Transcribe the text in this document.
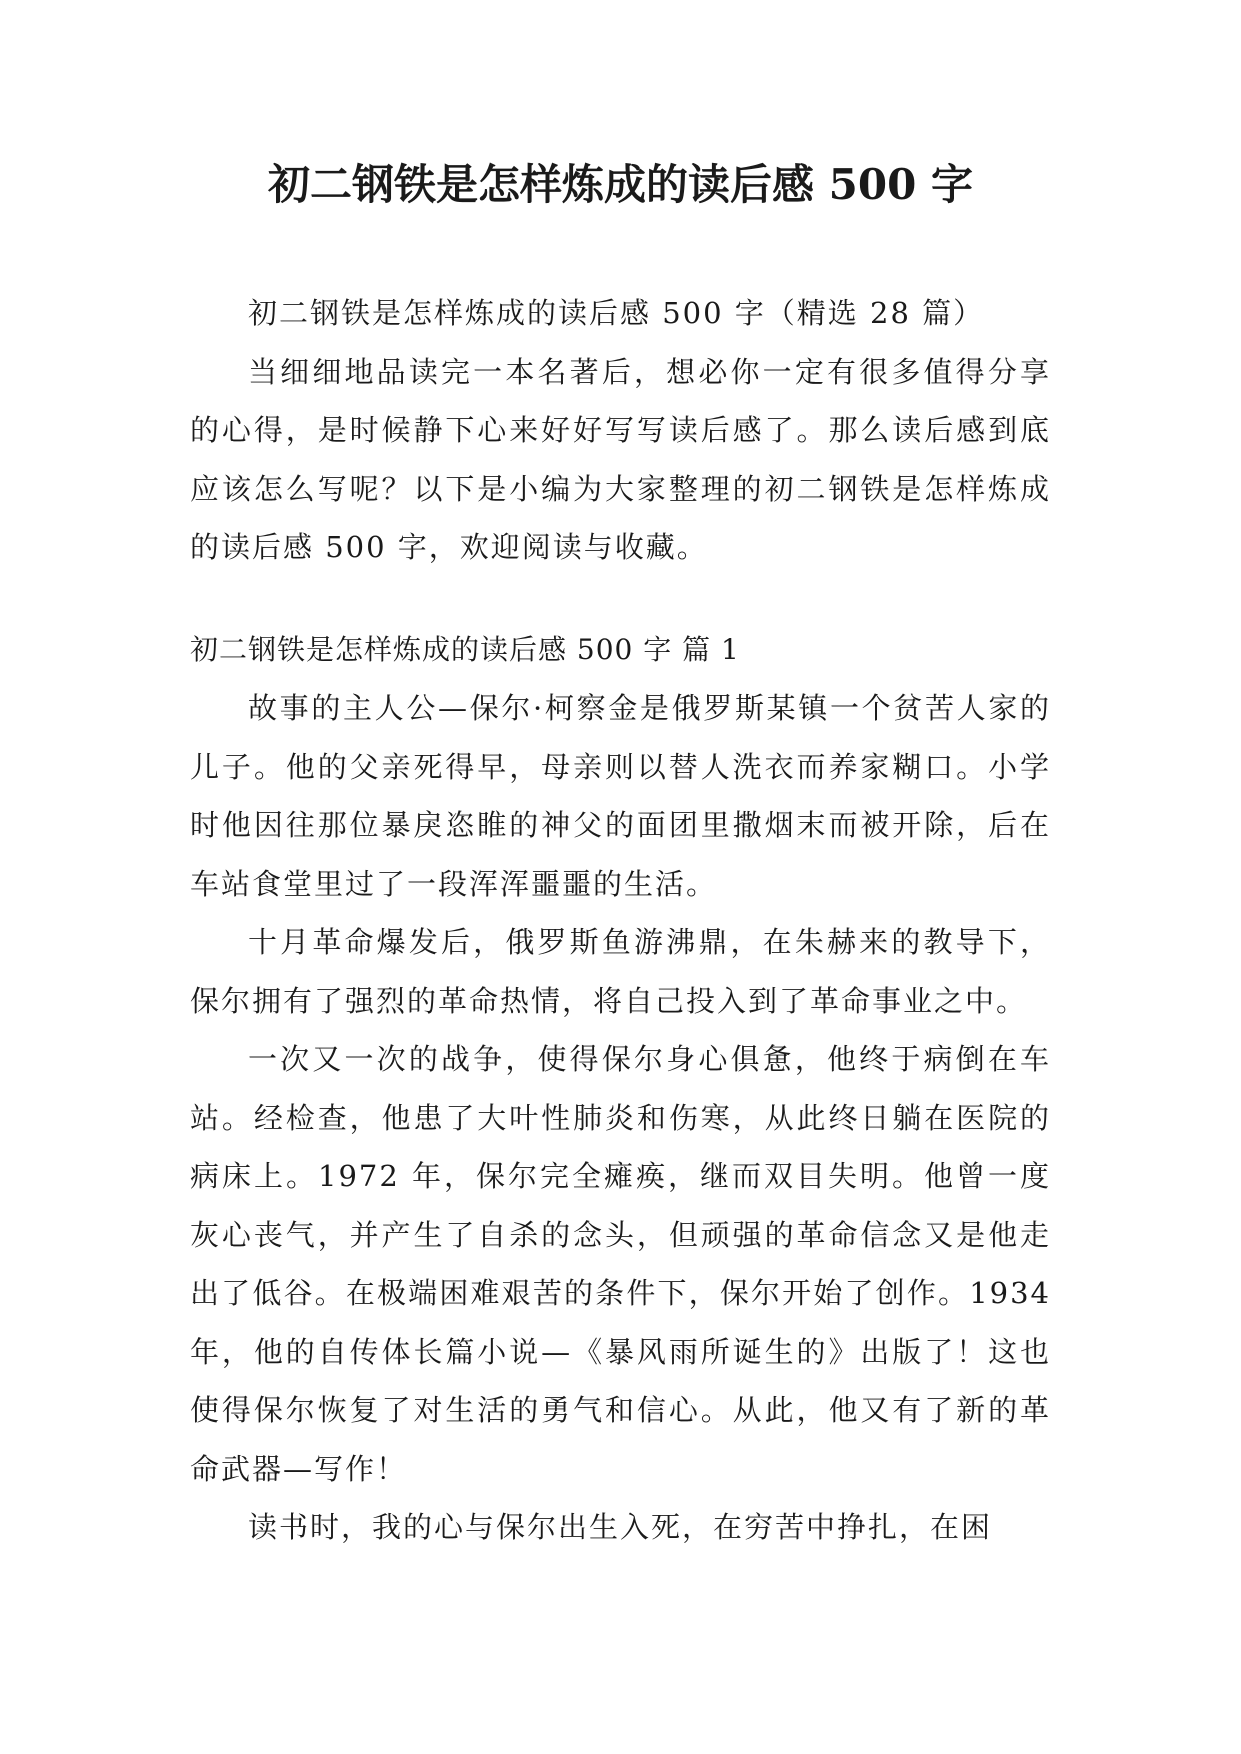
初二钢铁是怎样炼成的读后感 500 字

初二钢铁是怎样炼成的读后感 500 字（精选 28 篇）

当细细地品读完一本名著后，想必你一定有很多值得分享的心得，是时候静下心来好好写写读后感了。那么读后感到底应该怎么写呢？以下是小编为大家整理的初二钢铁是怎样炼成的读后感 500 字，欢迎阅读与收藏。

初二钢铁是怎样炼成的读后感 500 字 篇 1

故事的主人公—保尔·柯察金是俄罗斯某镇一个贫苦人家的儿子。他的父亲死得早，母亲则以替人洗衣而养家糊口。小学时他因往那位暴戾恣睢的神父的面团里撒烟末而被开除，后在车站食堂里过了一段浑浑噩噩的生活。

十月革命爆发后，俄罗斯鱼游沸鼎，在朱赫来的教导下，保尔拥有了强烈的革命热情，将自己投入到了革命事业之中。

一次又一次的战争，使得保尔身心俱惫，他终于病倒在车站。经检查，他患了大叶性肺炎和伤寒，从此终日躺在医院的病床上。1972 年，保尔完全瘫痪，继而双目失明。他曾一度灰心丧气，并产生了自杀的念头，但顽强的革命信念又是他走出了低谷。在极端困难艰苦的条件下，保尔开始了创作。1934 年，他的自传体长篇小说—《暴风雨所诞生的》出版了！这也使得保尔恢复了对生活的勇气和信心。从此，他又有了新的革命武器—写作！

读书时，我的心与保尔出生入死，在穷苦中挣扎，在困
